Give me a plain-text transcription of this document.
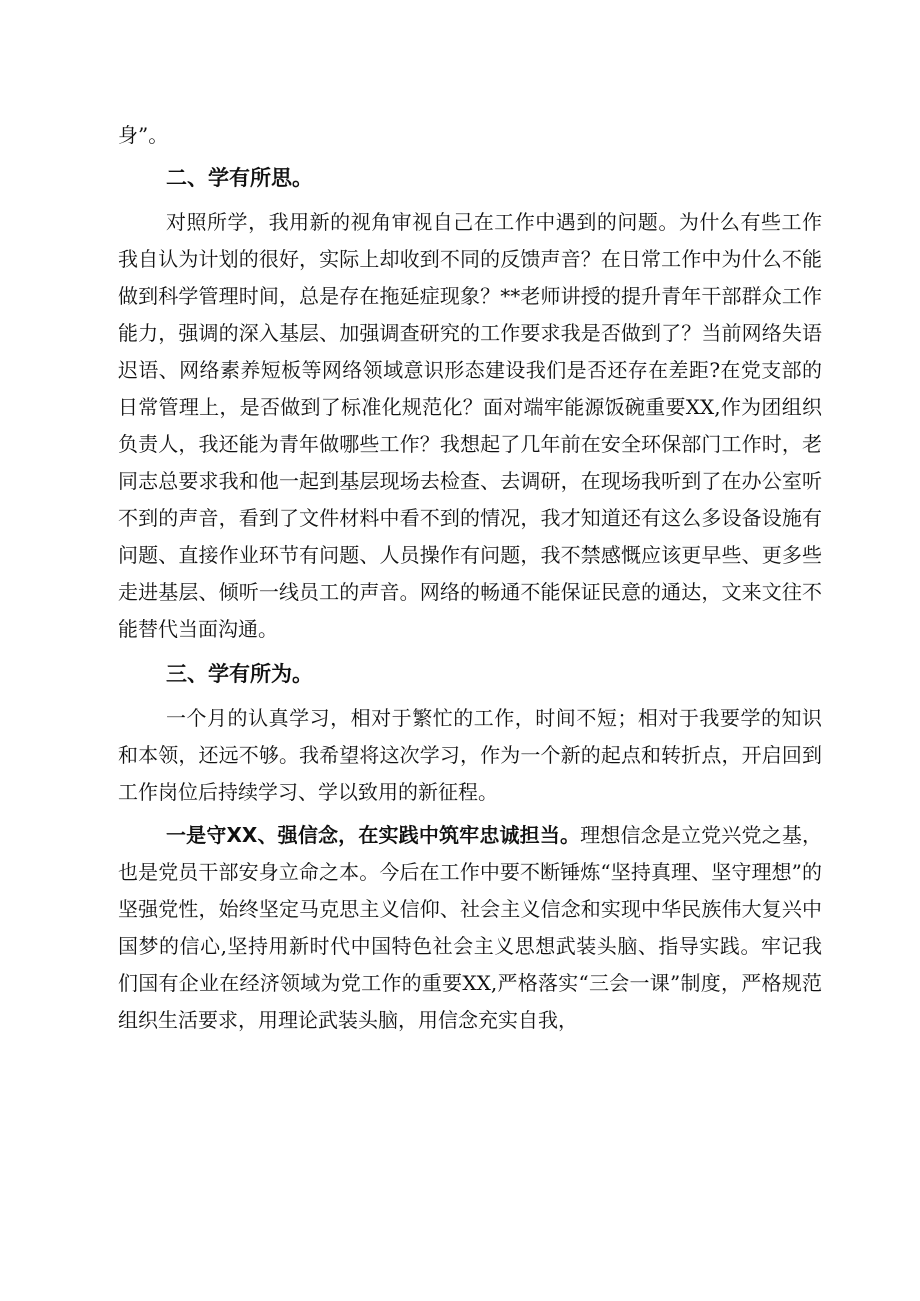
身”。

二、学有所思。

对照所学，我用新的视角审视自己在工作中遇到的问题。为什么有些工作我自认为计划的很好，实际上却收到不同的反馈声音？在日常工作中为什么不能做到科学管理时间，总是存在拖延症现象？**老师讲授的提升青年干部群众工作能力，强调的深入基层、加强调查研究的工作要求我是否做到了？当前网络失语迟语、网络素养短板等网络领域意识形态建设我们是否还存在差距?在党支部的日常管理上，是否做到了标准化规范化？面对端牢能源饭碗重要XX,作为团组织负责人，我还能为青年做哪些工作？我想起了几年前在安全环保部门工作时，老同志总要求我和他一起到基层现场去检查、去调研，在现场我听到了在办公室听不到的声音，看到了文件材料中看不到的情况，我才知道还有这么多设备设施有问题、直接作业环节有问题、人员操作有问题，我不禁感慨应该更早些、更多些走进基层、倾听一线员工的声音。网络的畅通不能保证民意的通达，文来文往不能替代当面沟通。

三、学有所为。

一个月的认真学习，相对于繁忙的工作，时间不短；相对于我要学的知识和本领，还远不够。我希望将这次学习，作为一个新的起点和转折点，开启回到工作岗位后持续学习、学以致用的新征程。

一是守XX、强信念，在实践中筑牢忠诚担当。理想信念是立党兴党之基，也是党员干部安身立命之本。今后在工作中要不断锤炼“坚持真理、坚守理想”的坚强党性，始终坚定马克思主义信仰、社会主义信念和实现中华民族伟大复兴中国梦的信心,坚持用新时代中国特色社会主义思想武装头脑、指导实践。牢记我们国有企业在经济领域为党工作的重要XX,严格落实“三会一课”制度，严格规范组织生活要求，用理论武装头脑，用信念充实自我，
